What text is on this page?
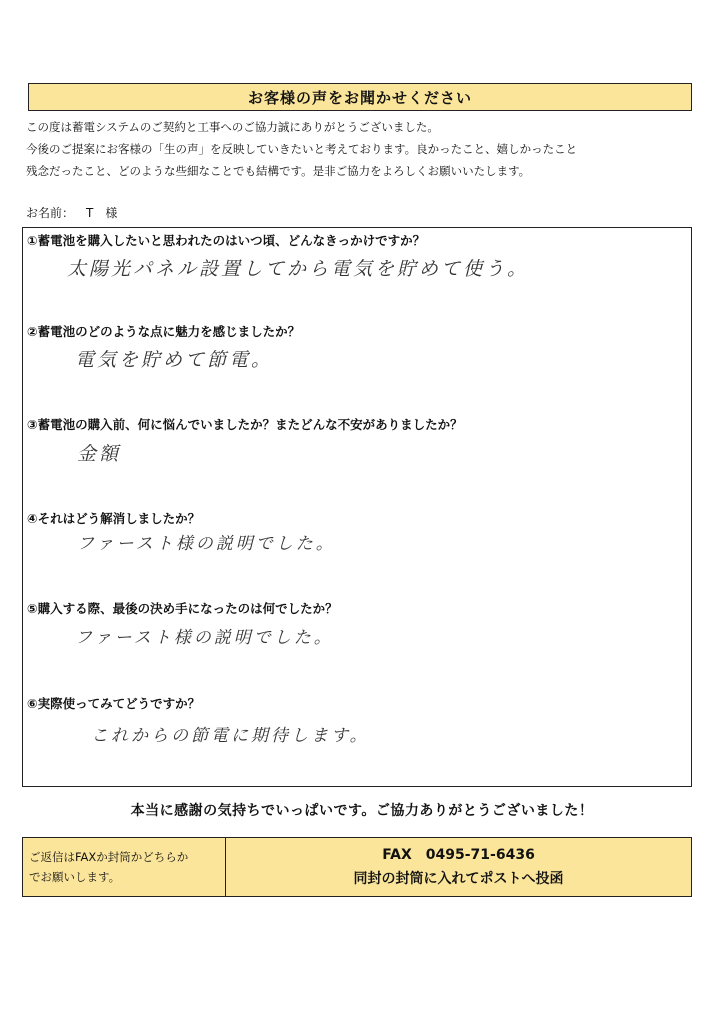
お客様の声をお聞かせください
この度は蓄電システムのご契約と工事へのご協力誠にありがとうございました。
今後のご提案にお客様の「生の声」を反映していきたいと考えております。良かったこと、嬉しかったこと
残念だったこと、どのような些細なことでも結構です。是非ご協力をよろしくお願いいたします。
お名前： T　様
①蓄電池を購入したいと思われたのはいつ頃、どんなきっかけですか？
太陽光パネル設置してから電気を貯めて使う。
②蓄電池のどのような点に魅力を感じましたか？
電気を貯めて節電。
③蓄電池の購入前、何に悩んでいましたか？またどんな不安がありましたか？
金額
④それはどう解消しましたか？
ファースト様の説明でした。
⑤購入する際、最後の決め手になったのは何でしたか？
ファースト様の説明でした。
⑥実際使ってみてどうですか？
これからの節電に期待します。
本当に感謝の気持ちでいっぱいです。ご協力ありがとうございました！
ご返信はFAXか封筒かどちらか
でお願いします。
FAX　0495-71-6436
同封の封筒に入れてポストへ投函
